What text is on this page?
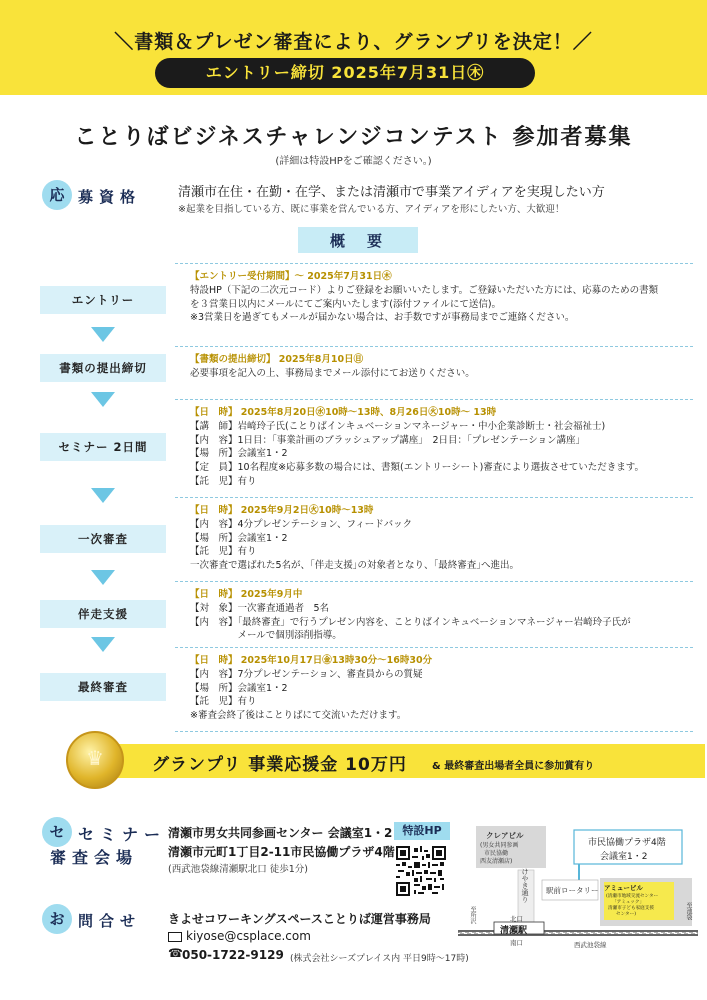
＼書類＆プレゼン審査により、グランプリを決定！／
エントリー締切 2025年7月31日㊍
ことりばビジネスチャレンジコンテスト 参加者募集
(詳細は特設HPをご確認ください。)
応 募資格	清瀬市在住・在勤・在学、または清瀬市で事業アイディアを実現したい方
※起業を目指している方、既に事業を営んでいる方、アイディアを形にしたい方、大歓迎！
概要
エントリー
【エントリー受付期間】～ 2025年7月31日㊍
特設HP（下記の二次元コード）よりご登録をお願いいたします。ご登録いただいた方には、応募のための書類
を３営業日以内にメールにてご案内いたします(添付ファイルにて送信)。
※3営業日を過ぎてもメールが届かない場合は、お手数ですが事務局までご連絡ください。
書類の提出締切
【書類の提出締切】 2025年8月10日㊐
必要事項を記入の上、事務局までメール添付にてお送りください。
セミナー 2日間
【日　時】 2025年8月20日㊌10時～13時、8月26日㊋10時～ 13時
【講　師】岩崎玲子氏(ことりばインキュベーションマネージャー・中小企業診断士・社会福祉士)
【内　容】1日目：「事業計画のブラッシュアップ講座」　2日目：「プレゼンテーション講座」
【場　所】会議室1・2
【定　員】10名程度※応募多数の場合には、書類(エントリーシート)審査により選抜させていただきます。
【託　児】有り
一次審査
【日　時】 2025年9月2日㊋10時～13時
【内　容】4分プレゼンテーション、フィードバック
【場　所】会議室1・2
【託　児】有り
一次審査で選ばれた5名が、｢伴走支援｣の対象者となり、｢最終審査｣へ進出。
伴走支援
【日　時】 2025年9月中
【対　象】一次審査通過者　5名
【内　容】「最終審査」で行うプレゼン内容を、ことりばインキュベーションマネージャー岩崎玲子氏が
　　　　　メールで個別添削指導。
最終審査
【日　時】 2025年10月17日㊎13時30分～16時30分
【内　容】7分プレゼンテーション、審査員からの質疑
【場　所】会議室1・2
【託　児】有り
※審査会終了後はことりばにて交流いただけます。
♛	グランプリ 事業応援金 10万円	& 最終審査出場者全員に参加賞有り
セ セミナー
審査会場
清瀬市男女共同参画センター 会議室1・2
清瀬市元町1丁目2-11市民協働プラザ4階
(西武池袋線清瀬駅北口 徒歩1分)
特設HP	クレアビル
(男女共同参画
市民協働
西友清瀬店)
市民協働プラザ4階
会議室1・2
アミュービル
(清瀬市地域交流センター
「アミュック」
清瀬市子ども家庭支援
センター)
けやき通り 駅前ロータリー
北口
南口
清瀬駅
西武池袋線
至所沢	至池袋
お 問合せ きよせコワーキングスペースことりば運営事務局
kiyose@csplace.com
☎ 050-1722-9129 (株式会社シーズプレイス内 平日9時～17時)
